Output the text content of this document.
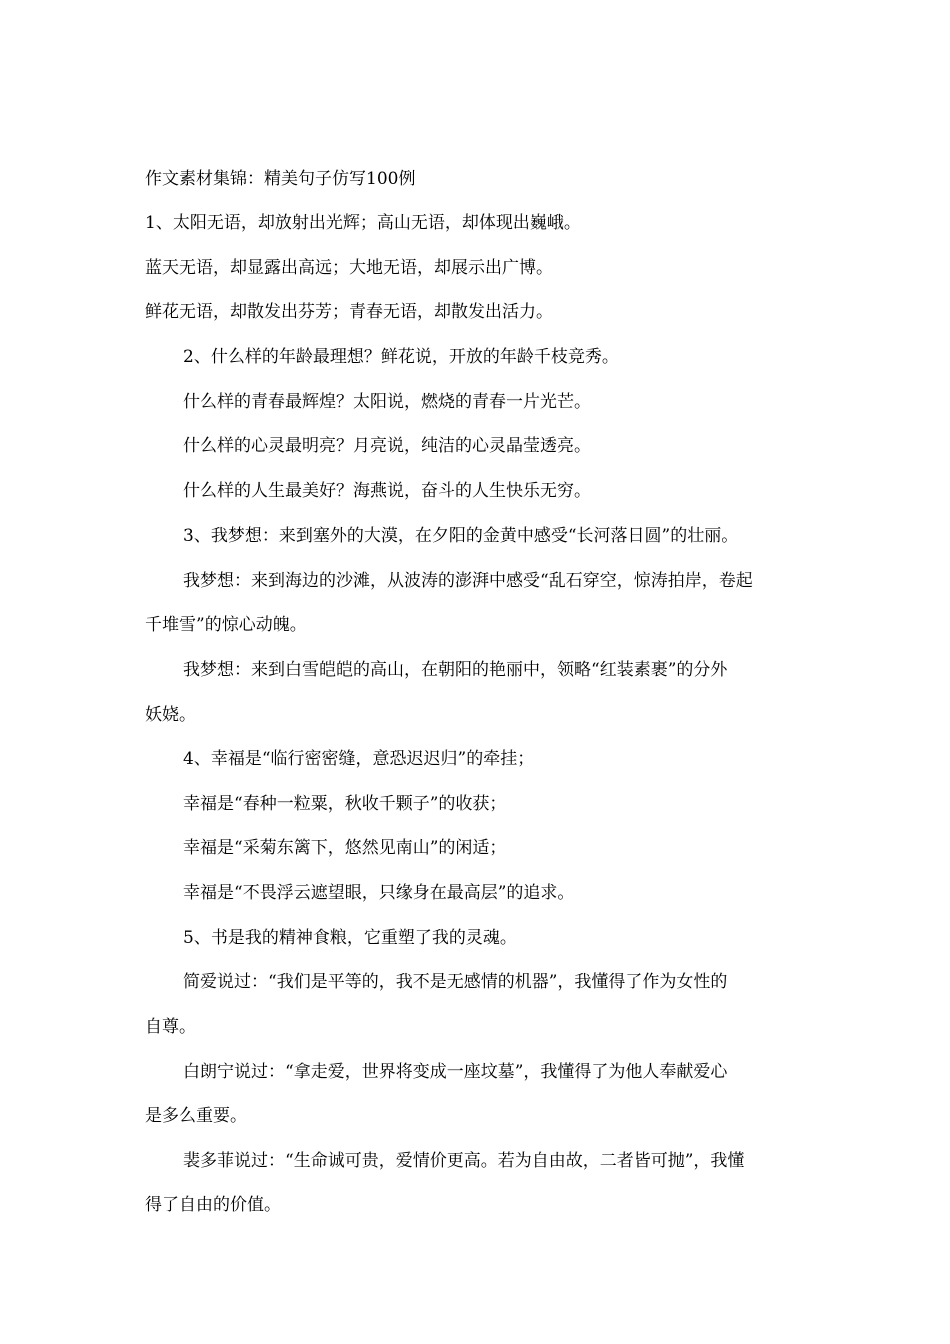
作文素材集锦：精美句子仿写100例
1、太阳无语，却放射出光辉；高山无语，却体现出巍峨。
蓝天无语，却显露出高远；大地无语，却展示出广博。
鲜花无语，却散发出芬芳；青春无语，却散发出活力。
2、什么样的年龄最理想？鲜花说，开放的年龄千枝竞秀。
什么样的青春最辉煌？太阳说，燃烧的青春一片光芒。
什么样的心灵最明亮？月亮说，纯洁的心灵晶莹透亮。
什么样的人生最美好？海燕说，奋斗的人生快乐无穷。
3、我梦想：来到塞外的大漠，在夕阳的金黄中感受“长河落日圆”的壮丽。
我梦想：来到海边的沙滩，从波涛的澎湃中感受“乱石穿空，惊涛拍岸，卷起
千堆雪”的惊心动魄。
我梦想：来到白雪皑皑的高山，在朝阳的艳丽中，领略“红装素裹”的分外
妖娆。
4、幸福是“临行密密缝，意恐迟迟归”的牵挂；
幸福是“春种一粒粟，秋收千颗子”的收获；
幸福是“采菊东篱下，悠然见南山”的闲适；
幸福是“不畏浮云遮望眼，只缘身在最高层”的追求。
5、书是我的精神食粮，它重塑了我的灵魂。
简爱说过：“我们是平等的，我不是无感情的机器”，我懂得了作为女性的
自尊。
白朗宁说过：“拿走爱，世界将变成一座坟墓”，我懂得了为他人奉献爱心
是多么重要。
裴多菲说过：“生命诚可贵，爱情价更高。若为自由故，二者皆可抛”，我懂
得了自由的价值。
